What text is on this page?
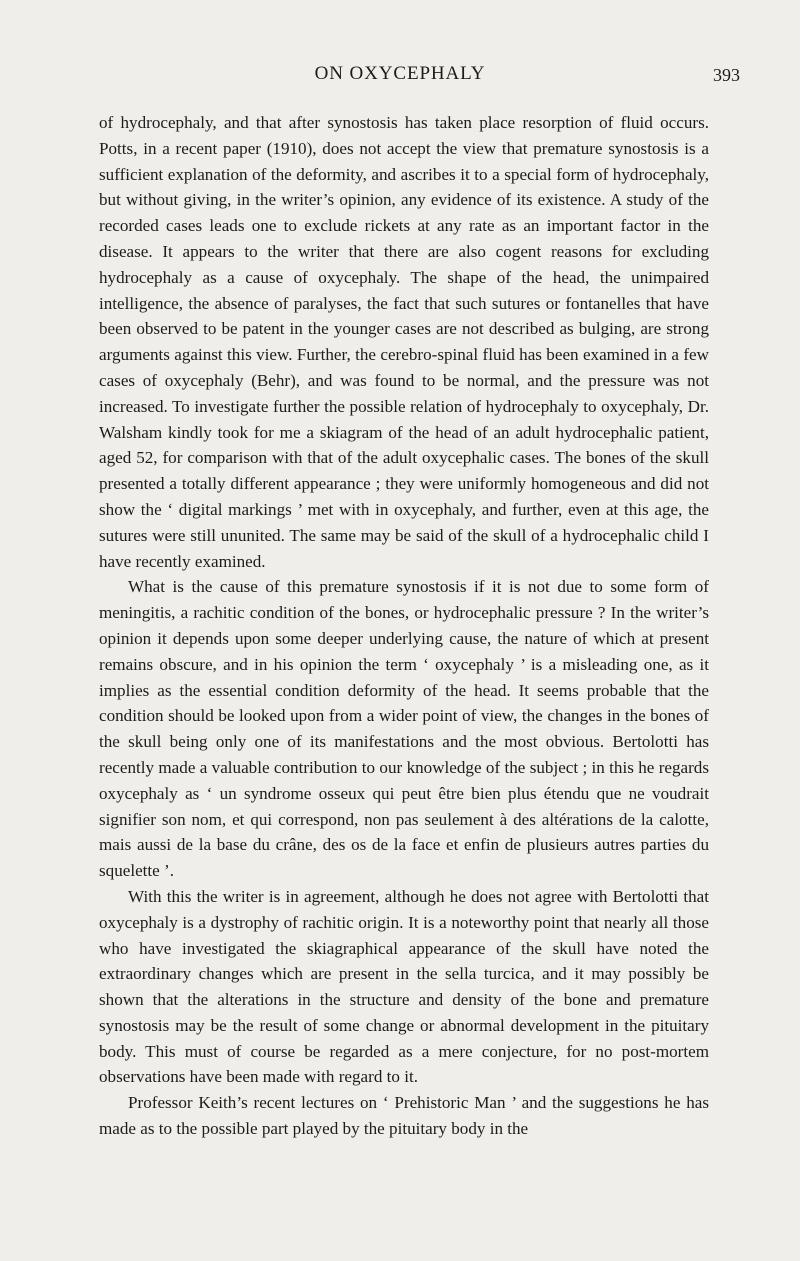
ON OXYCEPHALY	393

of hydrocephaly, and that after synostosis has taken place resorption of fluid occurs. Potts, in a recent paper (1910), does not accept the view that premature synostosis is a sufficient explanation of the deformity, and ascribes it to a special form of hydrocephaly, but without giving, in the writer’s opinion, any evidence of its existence. A study of the recorded cases leads one to exclude rickets at any rate as an important factor in the disease. It appears to the writer that there are also cogent reasons for excluding hydrocephaly as a cause of oxycephaly. The shape of the head, the unimpaired intelligence, the absence of paralyses, the fact that such sutures or fontanelles that have been observed to be patent in the younger cases are not described as bulging, are strong arguments against this view. Further, the cerebro-spinal fluid has been examined in a few cases of oxycephaly (Behr), and was found to be normal, and the pressure was not increased. To investigate further the possible relation of hydrocephaly to oxycephaly, Dr. Walsham kindly took for me a skiagram of the head of an adult hydrocephalic patient, aged 52, for comparison with that of the adult oxycephalic cases. The bones of the skull presented a totally different appearance ; they were uniformly homogeneous and did not show the ‘ digital markings ’ met with in oxycephaly, and further, even at this age, the sutures were still ununited. The same may be said of the skull of a hydrocephalic child I have recently examined.

What is the cause of this premature synostosis if it is not due to some form of meningitis, a rachitic condition of the bones, or hydrocephalic pressure ? In the writer’s opinion it depends upon some deeper underlying cause, the nature of which at present remains obscure, and in his opinion the term ‘ oxycephaly ’ is a misleading one, as it implies as the essential condition deformity of the head. It seems probable that the condition should be looked upon from a wider point of view, the changes in the bones of the skull being only one of its manifestations and the most obvious. Bertolotti has recently made a valuable contribution to our knowledge of the subject ; in this he regards oxycephaly as ‘ un syndrome osseux qui peut être bien plus étendu que ne voudrait signifier son nom, et qui correspond, non pas seulement à des altérations de la calotte, mais aussi de la base du crâne, des os de la face et enfin de plusieurs autres parties du squelette ’.

With this the writer is in agreement, although he does not agree with Bertolotti that oxycephaly is a dystrophy of rachitic origin. It is a noteworthy point that nearly all those who have investigated the skiagraphical appearance of the skull have noted the extraordinary changes which are present in the sella turcica, and it may possibly be shown that the alterations in the structure and density of the bone and premature synostosis may be the result of some change or abnormal development in the pituitary body. This must of course be regarded as a mere conjecture, for no post-mortem observations have been made with regard to it.

Professor Keith’s recent lectures on ‘ Prehistoric Man ’ and the suggestions he has made as to the possible part played by the pituitary body in the
